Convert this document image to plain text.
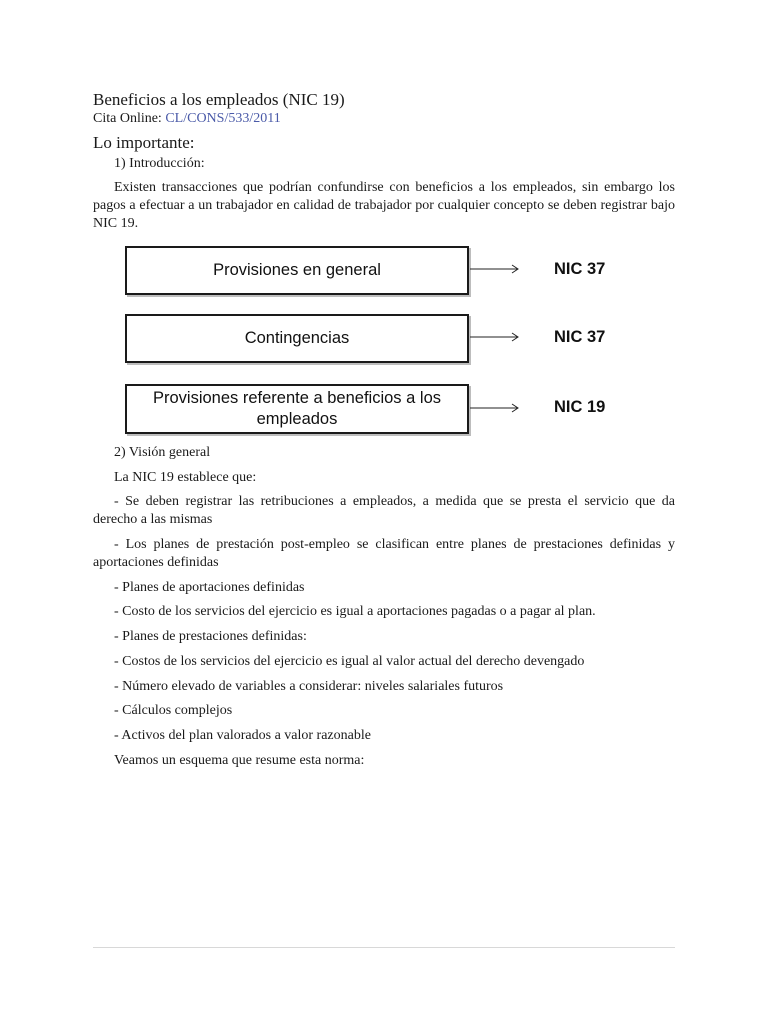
Beneficios a los empleados (NIC 19)
Cita Online: CL/CONS/533/2011
Lo importante:
1) Introducción:
Existen transacciones que podrían confundirse con beneficios a los empleados, sin embargo los pagos a efectuar a un trabajador en calidad de trabajador por cualquier concepto se deben registrar bajo NIC 19.
Provisiones en general	NIC 37
Contingencias	NIC 37
Provisiones referente a beneficios a los empleados
NIC 19
2) Visión general
La NIC 19 establece que:
- Se deben registrar las retribuciones a empleados, a medida que se presta el servicio que da derecho a las mismas
- Los planes de prestación post-empleo se clasifican entre planes de prestaciones definidas y aportaciones definidas
- Planes de aportaciones definidas
- Costo de los servicios del ejercicio es igual a aportaciones pagadas o a pagar al plan.
- Planes de prestaciones definidas:
- Costos de los servicios del ejercicio es igual al valor actual del derecho devengado
- Número elevado de variables a considerar: niveles salariales futuros
- Cálculos complejos
- Activos del plan valorados a valor razonable
Veamos un esquema que resume esta norma:
